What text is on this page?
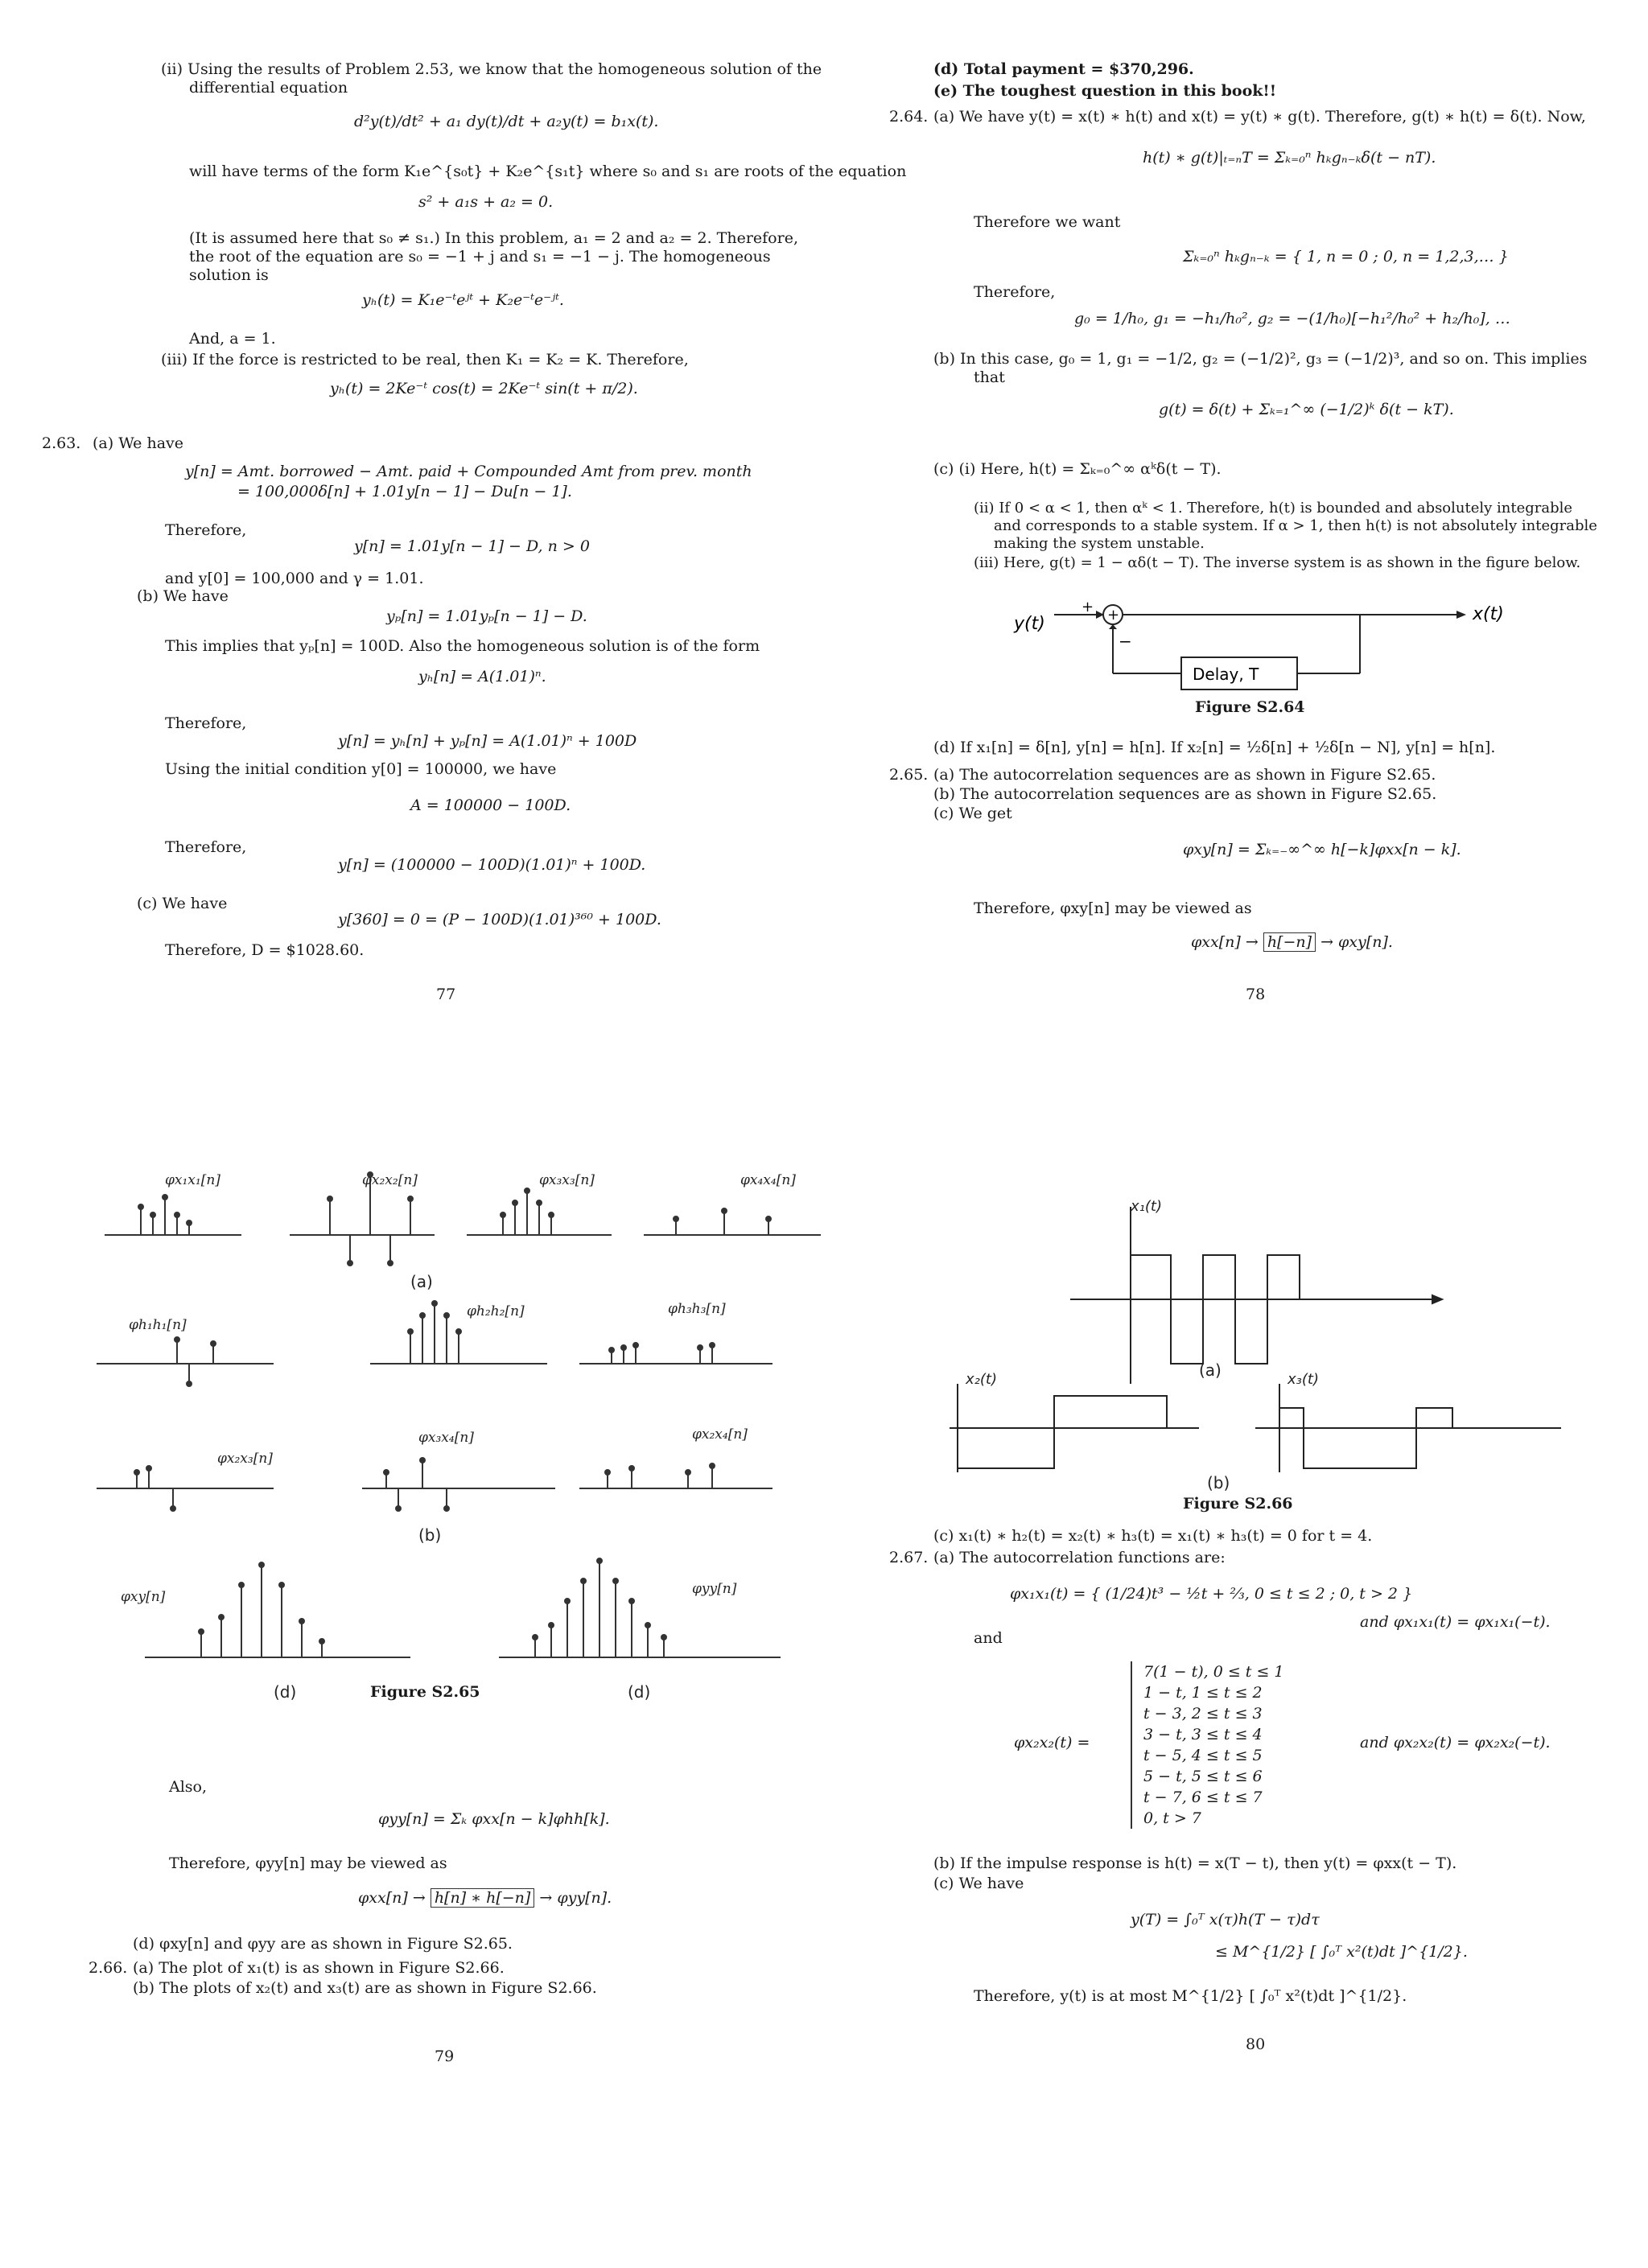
(ii) Using the results of Problem 2.53, we know that the homogeneous solution of the
differential equation
d²y(t)/dt² + a₁ dy(t)/dt + a₂y(t) = b₁x(t).
will have terms of the form K₁e^{s₀t} + K₂e^{s₁t} where s₀ and s₁ are roots of the equation
s² + a₁s + a₂ = 0.
(It is assumed here that s₀ ≠ s₁.) In this problem, a₁ = 2 and a₂ = 2. Therefore,
the root of the equation are s₀ = −1 + j and s₁ = −1 − j. The homogeneous
solution is
yₕ(t) = K₁e⁻ᵗeʲᵗ + K₂e⁻ᵗe⁻ʲᵗ.
And, a = 1.
(iii) If the force is restricted to be real, then K₁ = K₂ = K. Therefore,
yₕ(t) = 2Ke⁻ᵗ cos(t) = 2Ke⁻ᵗ sin(t + π/2).
2.63. (a) We have
y[n] = Amt. borrowed − Amt. paid + Compounded Amt from prev. month
= 100,000δ[n] + 1.01y[n − 1] − Du[n − 1].
Therefore,
y[n] = 1.01y[n − 1] − D, n > 0
and y[0] = 100,000 and γ = 1.01.
(b) We have
yₚ[n] = 1.01yₚ[n − 1] − D.
This implies that yₚ[n] = 100D. Also the homogeneous solution is of the form
yₕ[n] = A(1.01)ⁿ.
Therefore,
y[n] = yₕ[n] + yₚ[n] = A(1.01)ⁿ + 100D
Using the initial condition y[0] = 100000, we have
A = 100000 − 100D.
Therefore,
y[n] = (100000 − 100D)(1.01)ⁿ + 100D.
(c) We have
y[360] = 0 = (P − 100D)(1.01)³⁶⁰ + 100D.
Therefore, D = $1028.60.
77
(d) Total payment = $370,296.
(e) The toughest question in this book!!
2.64. (a) We have y(t) = x(t) ∗ h(t) and x(t) = y(t) ∗ g(t). Therefore, g(t) ∗ h(t) = δ(t). Now,
h(t) ∗ g(t)|ₜ₌ₙT = Σₖ₌₀ⁿ hₖgₙ₋ₖδ(t − nT).
Therefore we want
Σₖ₌₀ⁿ hₖgₙ₋ₖ = { 1, n = 0 ; 0, n = 1,2,3,… }
Therefore,
g₀ = 1/h₀, g₁ = −h₁/h₀², g₂ = −(1/h₀)[−h₁²/h₀² + h₂/h₀], …
(b) In this case, g₀ = 1, g₁ = −1/2, g₂ = (−1/2)², g₃ = (−1/2)³, and so on. This implies
that
g(t) = δ(t) + Σₖ₌₁^∞ (−1/2)ᵏ δ(t − kT).
(c) (i) Here, h(t) = Σₖ₌₀^∞ αᵏδ(t − T).
(ii) If 0 < α < 1, then αᵏ < 1. Therefore, h(t) is bounded and absolutely integrable
and corresponds to a stable system. If α > 1, then h(t) is not absolutely integrable
making the system unstable.
(iii) Here, g(t) = 1 − αδ(t − T). The inverse system is as shown in the figure below.
y(t)
+ +	x(t)
Delay, T
−
Figure S2.64
(d) If x₁[n] = δ[n], y[n] = h[n]. If x₂[n] = ½δ[n] + ½δ[n − N], y[n] = h[n].
2.65. (a) The autocorrelation sequences are as shown in Figure S2.65.
(b) The autocorrelation sequences are as shown in Figure S2.65.
(c) We get
φxy[n] = Σₖ₌₋∞^∞ h[−k]φxx[n − k].
Therefore, φxy[n] may be viewed as
φxx[n] → h[−n] → φxy[n].
78
φx₁x₁[n]	φx₂x₂[n]	φx₃x₃[n]	φx₄x₄[n]
φh₁h₁[n]
φh₂h₂[n]	φh₃h₃[n]
φx₂x₃[n]
φx₃x₄[n]	φx₂x₄[n]
φxy[n]	φyy[n]
(a)
(b)
(d)	(d)
Figure S2.65
Also,
φyy[n] = Σₖ φxx[n − k]φhh[k].
Therefore, φyy[n] may be viewed as
φxx[n] → h[n] ∗ h[−n] → φyy[n].
(d) φxy[n] and φyy are as shown in Figure S2.65.
2.66. (a) The plot of x₁(t) is as shown in Figure S2.66.
(b) The plots of x₂(t) and x₃(t) are as shown in Figure S2.66.
79
x₁(t)
x₂(t)	x₃(t)
(a)
(b)
Figure S2.66
(c) x₁(t) ∗ h₂(t) = x₂(t) ∗ h₃(t) = x₁(t) ∗ h₃(t) = 0 for t = 4.
2.67. (a) The autocorrelation functions are:
φx₁x₁(t) = { (1/24)t³ − ½t + ⅔, 0 ≤ t ≤ 2 ; 0, t > 2 }
and φx₁x₁(t) = φx₁x₁(−t).
and
φx₂x₂(t) =
7(1 − t), 0 ≤ t ≤ 1
1 − t, 1 ≤ t ≤ 2
t − 3, 2 ≤ t ≤ 3
3 − t, 3 ≤ t ≤ 4
t − 5, 4 ≤ t ≤ 5
5 − t, 5 ≤ t ≤ 6
t − 7, 6 ≤ t ≤ 7
0, t > 7
and φx₂x₂(t) = φx₂x₂(−t).
(b) If the impulse response is h(t) = x(T − t), then y(t) = φxx(t − T).
(c) We have
y(T) = ∫₀ᵀ x(τ)h(T − τ)dτ
≤ M^{1/2} [ ∫₀ᵀ x²(t)dt ]^{1/2}.
Therefore, y(t) is at most M^{1/2} [ ∫₀ᵀ x²(t)dt ]^{1/2}.
80
